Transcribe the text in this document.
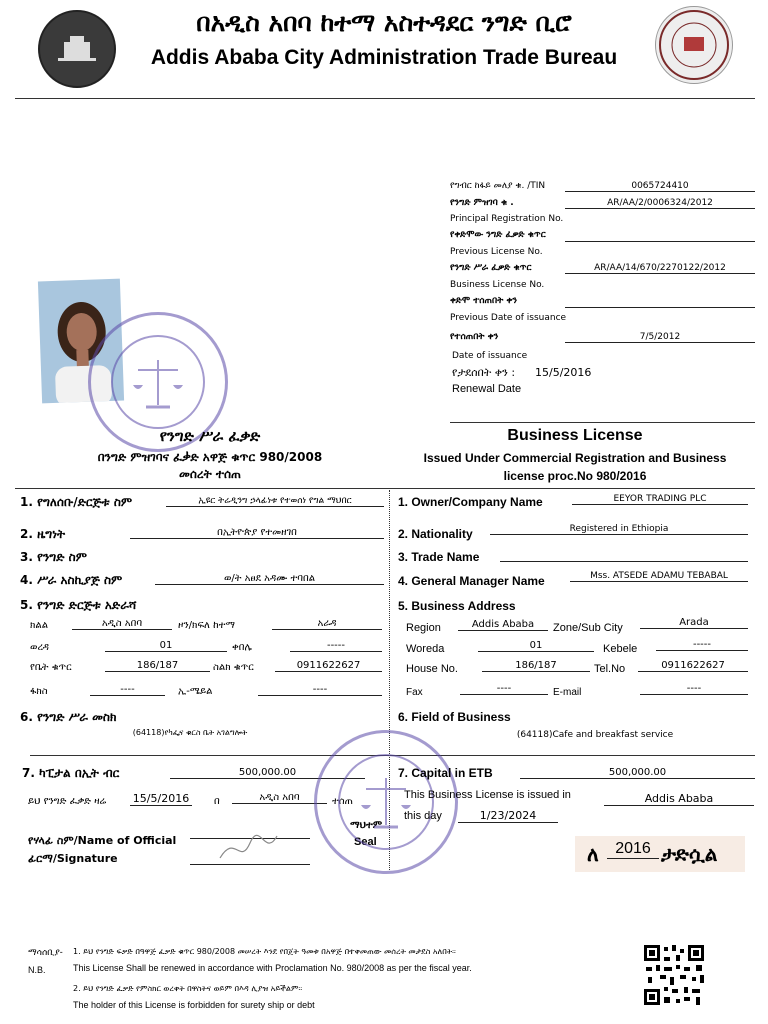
በአዲስ አበባ ከተማ አስተዳደር ንግድ ቢሮ
Addis Ababa City Administration Trade Bureau
የግብር ከፋይ መለያ ቁ. /TIN	0065724410
የንግድ ምዝገባ ቁ .	AR/AA/2/0006324/2012
Principal Registration No.
የቀድሞው ንግድ ፈቃድ ቁጥር
Previous License No.
የንግድ ሥራ ፈቃድ ቁጥር	AR/AA/14/670/2270122/2012
Business License No.
ቀድሞ ተሰጠበት ቀን
Previous Date of issuance
የተሰጠበት ቀን	7/5/2012
Date of issuance
የታደሰበት ቀን : 15/5/2016
Renewal Date
የንግድ ሥራ ፈቃድ
በንግድ ምዝገባና ፈቃድ አዋጅ ቁጥር 980/2008
መሰረት ተሰጠ
Business License
Issued Under Commercial Registration and Business
license proc.No 980/2016
1. የግለሰቡ/ድርጅቱ ስም	ኢዩር ትሬዲንግ ኃላፊነቱ የተወሰነ የግል ማህበር
2. ዜግነት	በኢትዮጵያ የተመዘገበ
3. የንግድ ስም
4. ሥራ አስኪያጅ ስም	ወ/ት አፀደ አዳሙ ተባበል
5. የንግድ ድርጅቱ አድራሻ
ክልል	አዲስ አበባ	ዞን/ክፍለ ከተማ	አራዳ
ወረዳ	01	ቀበሌ	-----
የቤት ቁጥር	186/187	ስልክ ቁጥር	0911622627
ፋክስ	----	ኢ-ሜይል	----
6. የንግድ ሥራ መስክ
(64118)የካፌና ቁርስ ቤት አገልግሎት
7. ካፒታል በኢት ብር	500,000.00
ይህ የንግድ ፈቃድ ዛሬ 15/5/2016 በ	አዲስ አበባ	ተሰጠ
የሃላፊ ስም/Name of Official
ፊርማ/Signature
ማህተም
Seal
1. Owner/Company Name	EEYOR TRADING PLC
2. Nationality	Registered in Ethiopia
3. Trade Name
4. General Manager Name	Mss. ATSEDE ADAMU TEBABAL
5. Business Address
Region	Addis Ababa	Zone/Sub City	Arada
Woreda	01	Kebele	-----
House No.	186/187	Tel.No	0911622627
Fax	----	E-mail	----
6. Field of Business
(64118)Cafe and breakfast service
7. Capital in ETB	500,000.00
This Business License is issued in	Addis Ababa
this day	1/23/2024
ለ	2016 ታድሷል
ማሳሰቢያ-
N.B.
1. ይህ የንግድ ፍቃድ በዓዋጅ ፈቃድ ቁጥር 980/2008 መሠረት እንደ የበጀት ዓመቱ በአዋጅ በተቀመጠው መሰረት መታደስ አለበት።
This License Shall be renewed in accordance with Proclamation No. 980/2008 as per the fiscal year.
2. ይህ የንግድ ፈቃድ የምስክር ወረቀት በዋስትና ወይም በእዳ ሊያዝ አይችልም።
The holder of this License is forbidden for surety ship or debt
